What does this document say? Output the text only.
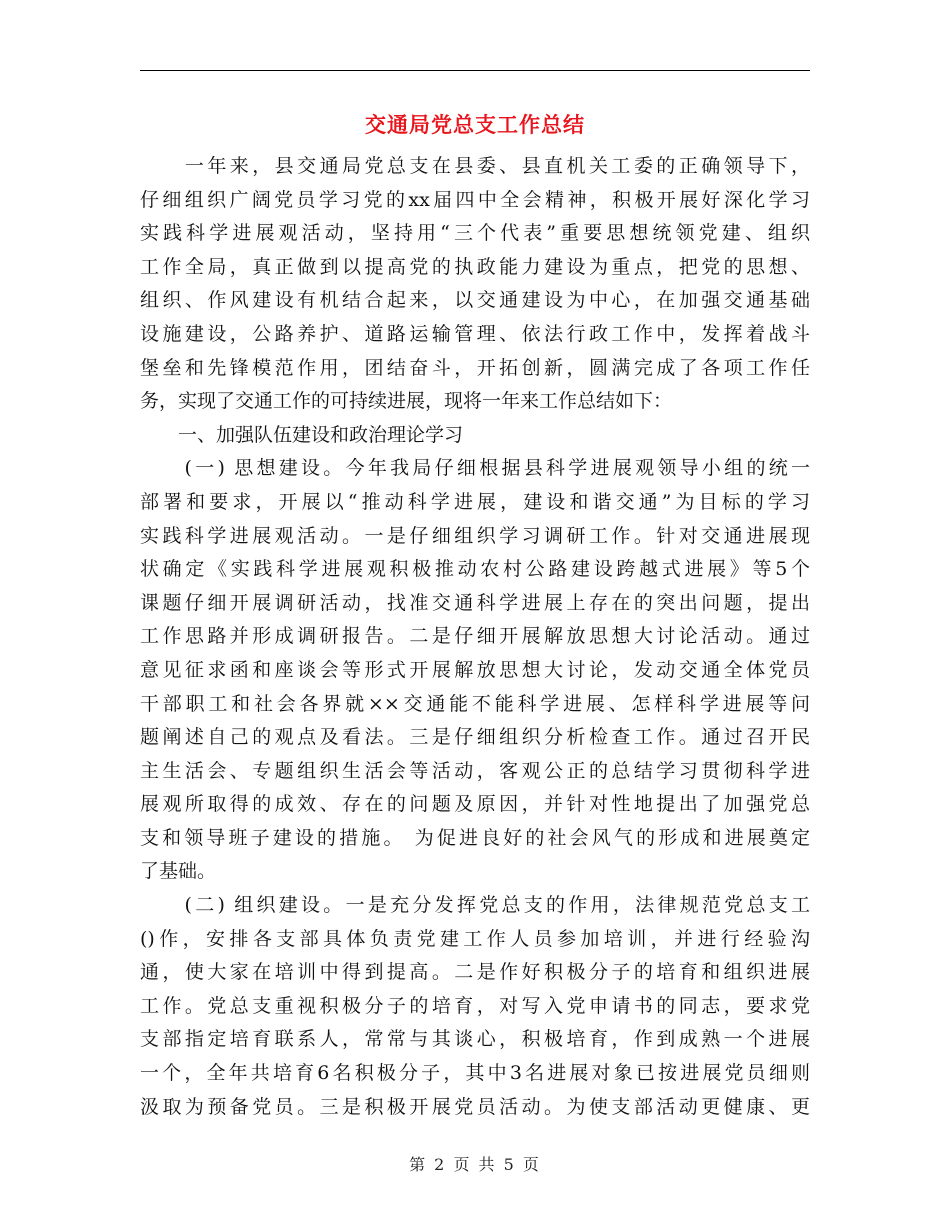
交通局党总支工作总结
　　一年来，县交通局党总支在县委、县直机关工委的正确领导下，
仔细组织广阔党员学习党的xx届四中全会精神，积极开展好深化学习
实践科学进展观活动，坚持用“三个代表”重要思想统领党建、组织
工作全局，真正做到以提高党的执政能力建设为重点，把党的思想、
组织、作风建设有机结合起来，以交通建设为中心，在加强交通基础
设施建设，公路养护、道路运输管理、依法行政工作中，发挥着战斗
堡垒和先锋模范作用，团结奋斗，开拓创新，圆满完成了各项工作任
务，实现了交通工作的可持续进展，现将一年来工作总结如下：
　　一、加强队伍建设和政治理论学习
　　(一) 思想建设。今年我局仔细根据县科学进展观领导小组的统一
部署和要求，开展以“推动科学进展，建设和谐交通”为目标的学习
实践科学进展观活动。一是仔细组织学习调研工作。针对交通进展现
状确定《实践科学进展观积极推动农村公路建设跨越式进展》等5个
课题仔细开展调研活动，找准交通科学进展上存在的突出问题，提出
工作思路并形成调研报告。二是仔细开展解放思想大讨论活动。通过
意见征求函和座谈会等形式开展解放思想大讨论，发动交通全体党员
干部职工和社会各界就××交通能不能科学进展、怎样科学进展等问
题阐述自己的观点及看法。三是仔细组织分析检查工作。通过召开民
主生活会、专题组织生活会等活动，客观公正的总结学习贯彻科学进
展观所取得的成效、存在的问题及原因，并针对性地提出了加强党总
支和领导班子建设的措施。 为促进良好的社会风气的形成和进展奠定
了基础。
　　(二) 组织建设。一是充分发挥党总支的作用，法律规范党总支工
()作，安排各支部具体负责党建工作人员参加培训，并进行经验沟
通，使大家在培训中得到提高。二是作好积极分子的培育和组织进展
工作。党总支重视积极分子的培育，对写入党申请书的同志，要求党
支部指定培育联系人，常常与其谈心，积极培育，作到成熟一个进展
一个，全年共培育6名积极分子，其中3名进展对象已按进展党员细则
汲取为预备党员。三是积极开展党员活动。为使支部活动更健康、更
第 2 页 共 5 页
